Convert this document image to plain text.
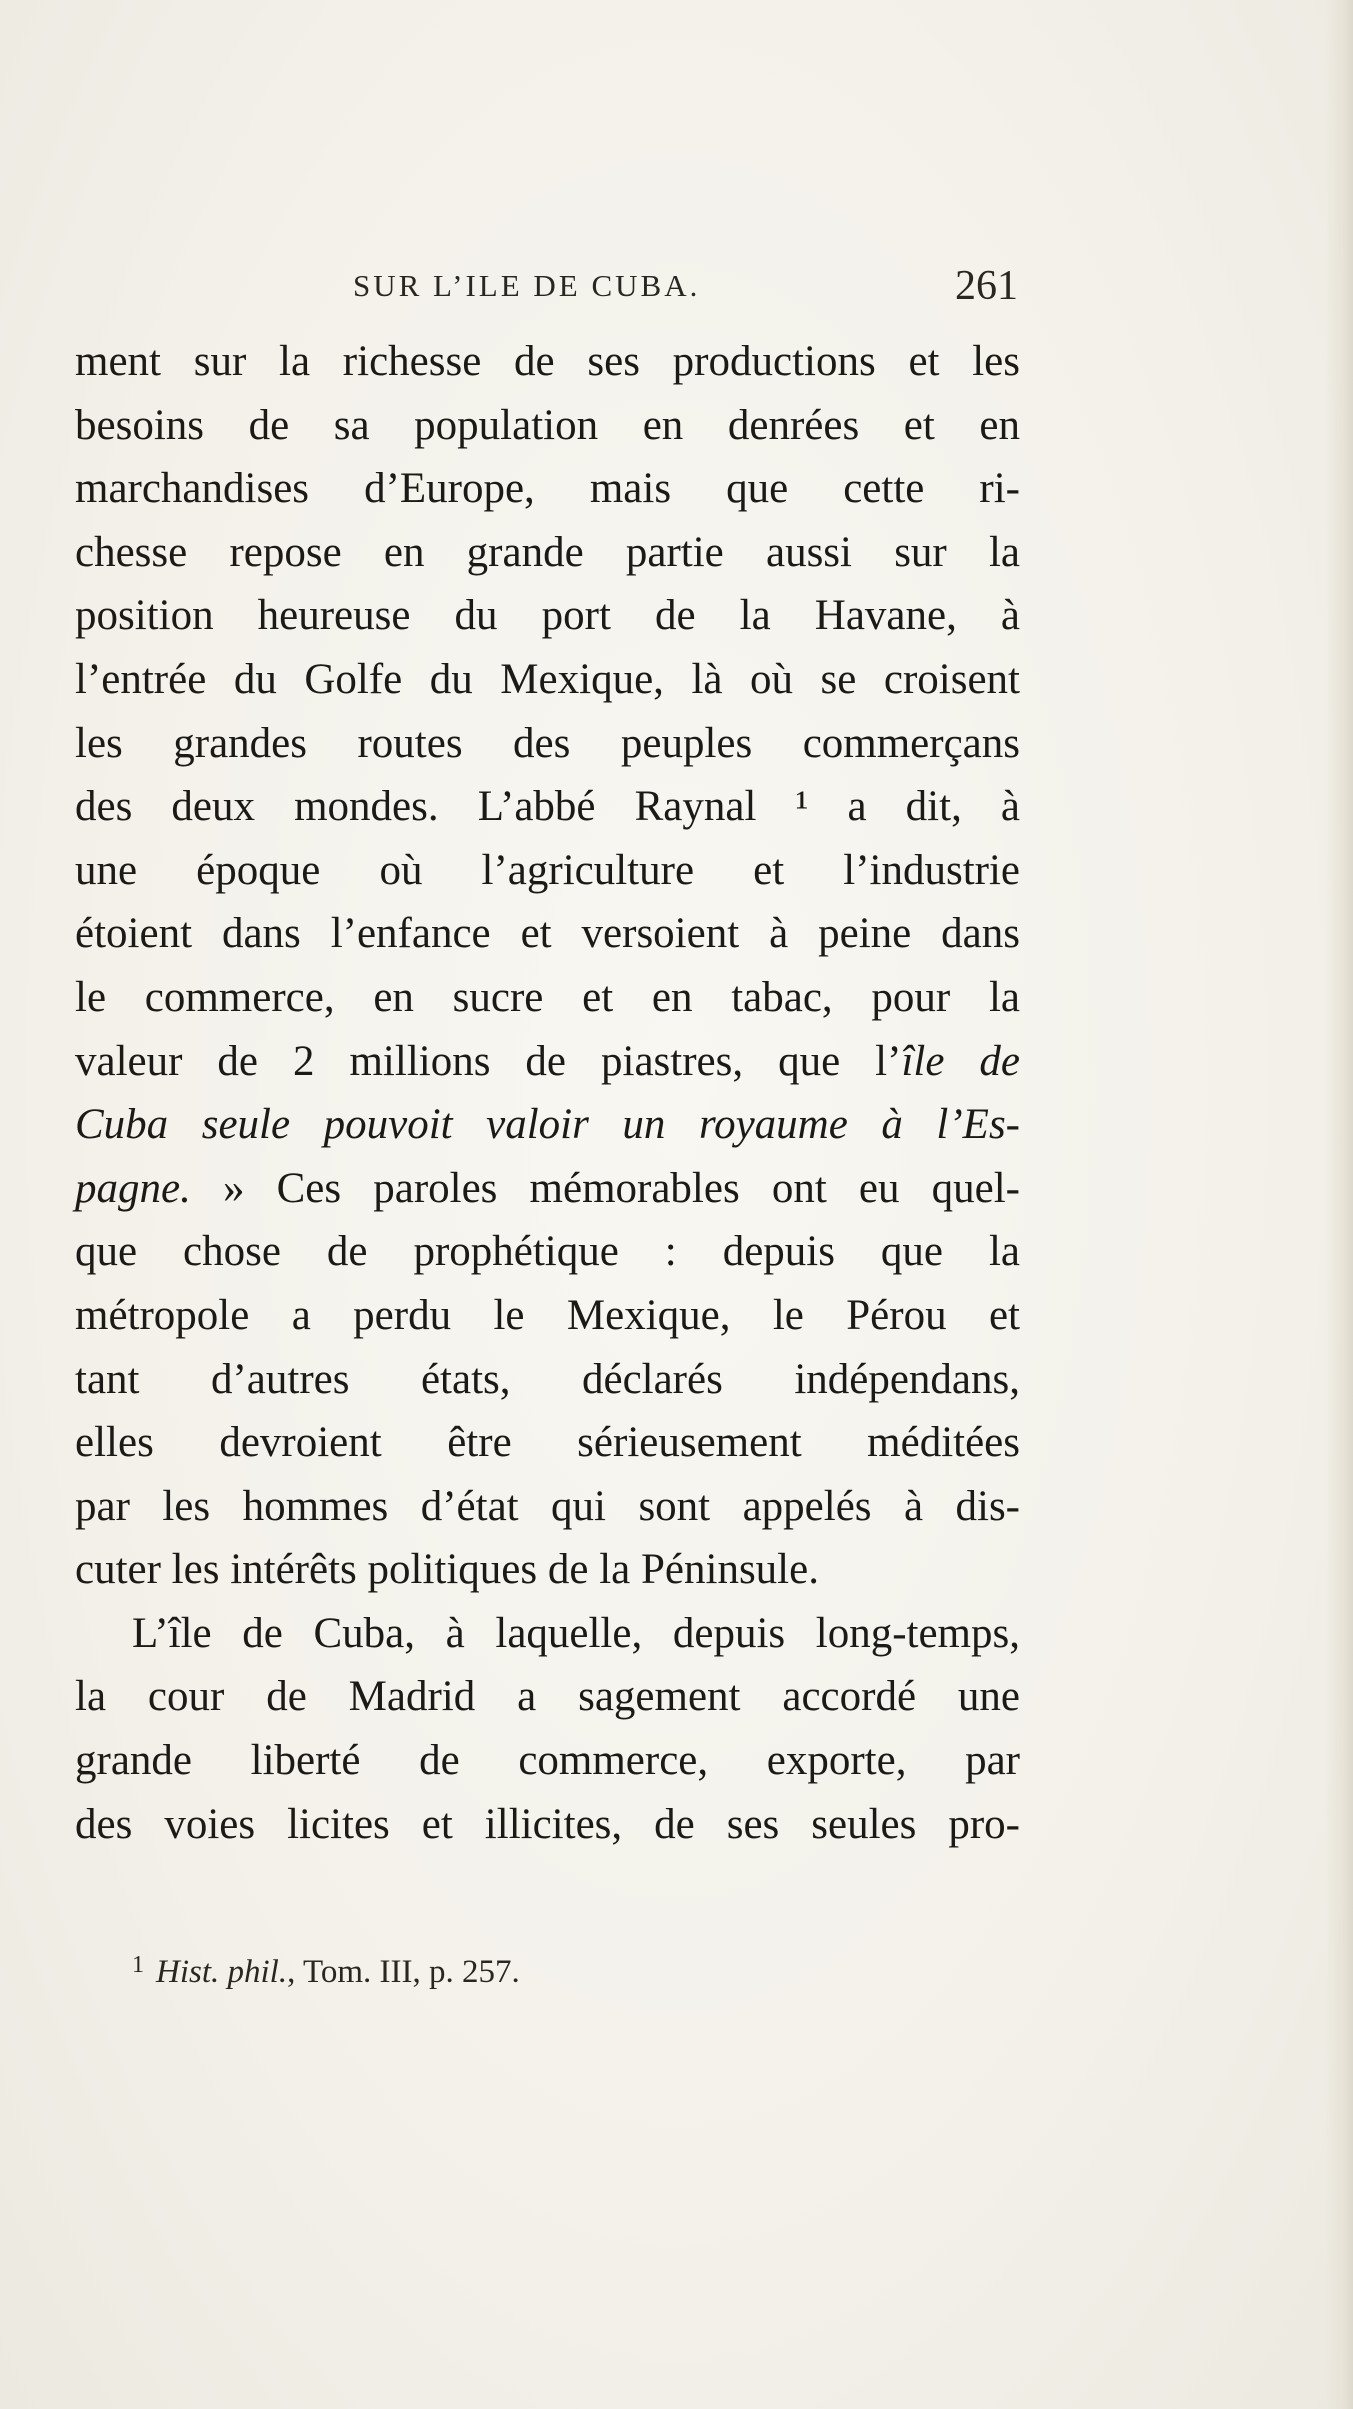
SUR L’ILE DE CUBA.	261
ment sur la richesse de ses productions et les
besoins de sa population en denrées et en
marchandises d’Europe, mais que cette ri-
chesse repose en grande partie aussi sur la
position heureuse du port de la Havane, à
l’entrée du Golfe du Mexique, là où se croisent
les grandes routes des peuples commerçans
des deux mondes. L’abbé Raynal ¹ a dit, à
une époque où l’agriculture et l’industrie
étoient dans l’enfance et versoient à peine dans
le commerce, en sucre et en tabac, pour la
valeur de 2 millions de piastres, que l’île de
Cuba seule pouvoit valoir un royaume à l’Es-
pagne. » Ces paroles mémorables ont eu quel-
que chose de prophétique : depuis que la
métropole a perdu le Mexique, le Pérou et
tant d’autres états, déclarés indépendans,
elles devroient être sérieusement méditées
par les hommes d’état qui sont appelés à dis-
cuter les intérêts politiques de la Péninsule.
L’île de Cuba, à laquelle, depuis long-temps,
la cour de Madrid a sagement accordé une
grande liberté de commerce, exporte, par
des voies licites et illicites, de ses seules pro-
$^1$ Hist. phil., Tom. III, p. 257.
